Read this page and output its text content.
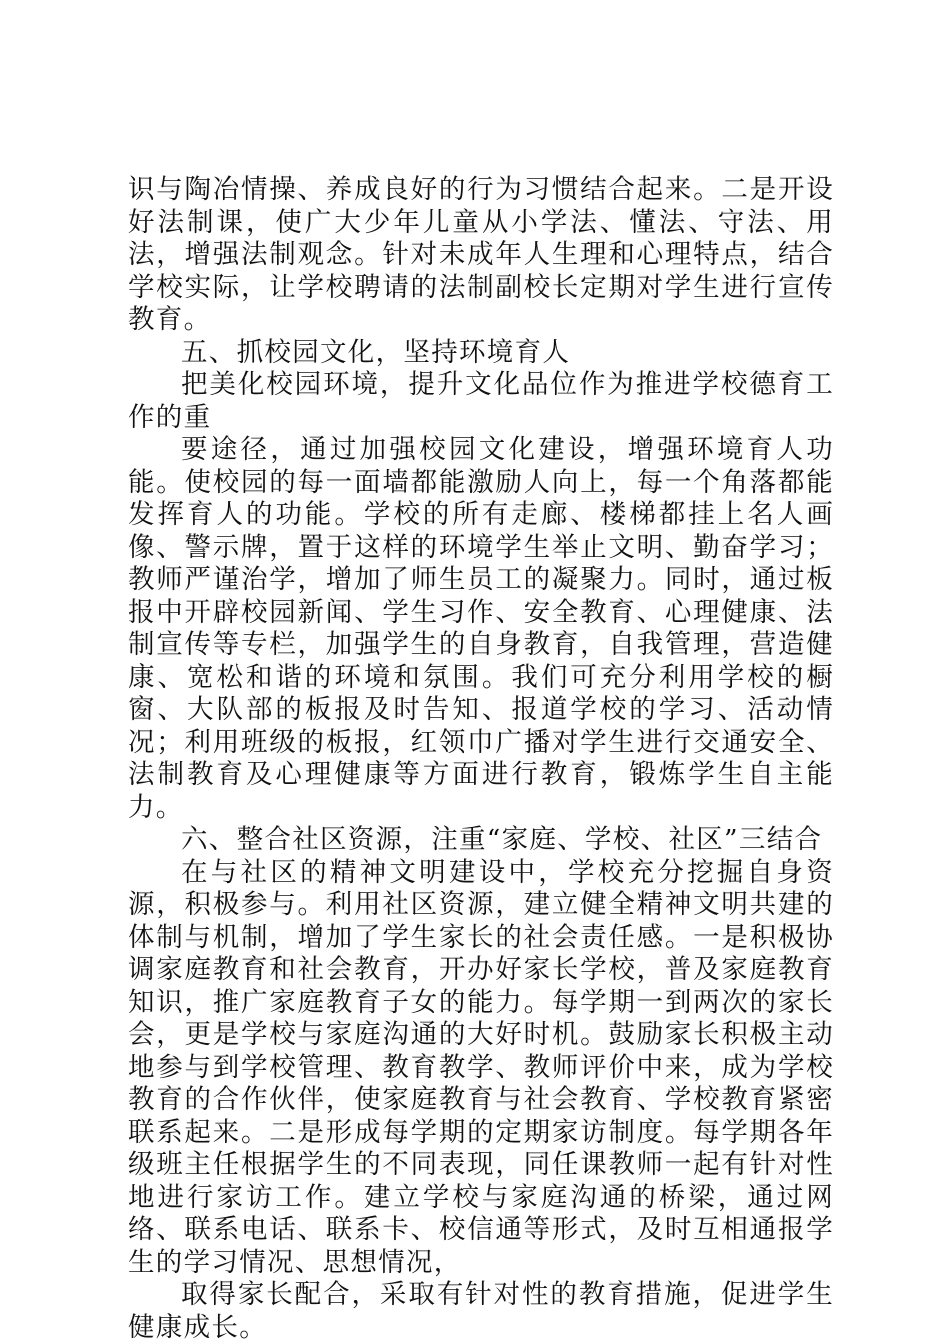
识与陶冶情操、养成良好的行为习惯结合起来。二是开设好法制课，使广大少年儿童从小学法、懂法、守法、用法，增强法制观念。针对未成年人生理和心理特点，结合学校实际，让学校聘请的法制副校长定期对学生进行宣传教育。

五、抓校园文化，坚持环境育人

把美化校园环境，提升文化品位作为推进学校德育工作的重

要途径，通过加强校园文化建设，增强环境育人功能。使校园的每一面墙都能激励人向上，每一个角落都能发挥育人的功能。学校的所有走廊、楼梯都挂上名人画像、警示牌，置于这样的环境学生举止文明、勤奋学习；教师严谨治学，增加了师生员工的凝聚力。同时，通过板报中开辟校园新闻、学生习作、安全教育、心理健康、法制宣传等专栏，加强学生的自身教育，自我管理，营造健康、宽松和谐的环境和氛围。我们可充分利用学校的橱窗、大队部的板报及时告知、报道学校的学习、活动情况；利用班级的板报，红领巾广播对学生进行交通安全、法制教育及心理健康等方面进行教育，锻炼学生自主能力。

六、整合社区资源，注重“家庭、学校、社区”三结合

在与社区的精神文明建设中，学校充分挖掘自身资源，积极参与。利用社区资源，建立健全精神文明共建的体制与机制，增加了学生家长的社会责任感。一是积极协调家庭教育和社会教育，开办好家长学校，普及家庭教育知识，推广家庭教育子女的能力。每学期一到两次的家长会，更是学校与家庭沟通的大好时机。鼓励家长积极主动地参与到学校管理、教育教学、教师评价中来，成为学校教育的合作伙伴，使家庭教育与社会教育、学校教育紧密联系起来。二是形成每学期的定期家访制度。每学期各年级班主任根据学生的不同表现，同任课教师一起有针对性地进行家访工作。建立学校与家庭沟通的桥梁，通过网络、联系电话、联系卡、校信通等形式，及时互相通报学生的学习情况、思想情况，

取得家长配合，采取有针对性的教育措施，促进学生健康成长。
